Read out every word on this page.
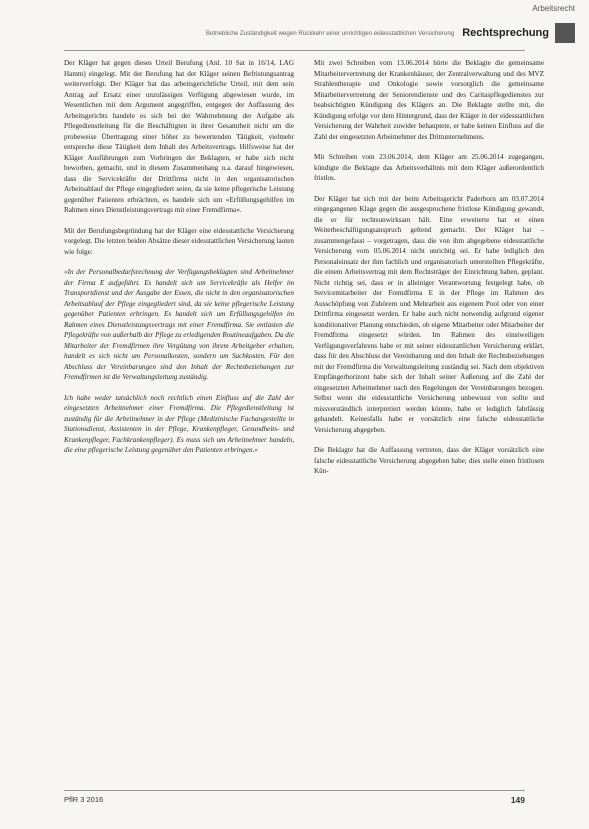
Arbeitsrecht
Betriebliche Zuständigkeit wegen Rückkehr einer unrichtigen eidesstattlichen Versicherung Rechtsprechung

Der Kläger hat gegen dieses Urteil Berufung (Anl. 10 Sat in 16/14, LAG Hamm) eingelegt. Mit der Berufung hat der Kläger seinen Befristungsantrag weiterverfolgt. Der Kläger hat das arbeitsgerichtliche Urteil, mit dem sein Antrag auf Ersatz einer unzulässigen Verfügung abgewiesen wurde, im Wesentlichen mit dem Argument angegriffen, entgegen der Auffassung des Arbeitsgerichts handele es sich bei der Wahrnehmung der Aufgabe als Pflegedienstleitung für die Beschäftigten in ihrer Gesamtheit nicht um die probeweise Übertragung einer höher zu bewertenden Tätigkeit, vielmehr entspreche diese Tätigkeit dem Inhalt des Arbeitsvertrags. Hilfsweise hat der Kläger Ausführungen zum Vorbringen der Beklagten, er habe sich nicht beworben, gemacht, und in diesem Zusammenhang u.a. darauf hingewiesen, dass die Servicekräfte der Drittfirma nicht in den organisatorischen Arbeitsablauf der Pflege eingegliedert seien, da sie keine pflegerische Leistung gegenüber Patienten erbrächten, es handele sich um »Erfüllungsgehilfen im Rahmen eines Dienstleistungsvertrags mit einer Fremdfirma«.

Mit der Berufungsbegründung hat der Kläger eine eidesstattliche Versicherung vorgelegt. Die letzten beiden Absätze dieser eidesstattlichen Versicherung lauten wie folge:

»In der Personalbedarfsrechnung der Verfügungsbeklagten sind Arbeitnehmer der Firma E aufgeführt. Es handelt sich um Servicekräfte als Helfer im Transportdienst und der Ausgabe der Essen, die nicht in den organisatorischen Arbeitsablauf der Pflege eingegliedert sind, da sie keine pflegerische Leistung gegenüber Patienten erbringen. Es handelt sich um Erfüllungsgehilfen im Rahmen eines Dienstleistungsvertrags mit einer Fremdfirma. Sie entlasten die Pflegekräfte von außerhalb der Pflege zu erledigenden Routineaufgaben. Da die Mitarbeiter der Fremdfirmen ihre Vergütung von ihrem Arbeitgeber erhalten, handelt es sich nicht um Personalkosten, sondern um Sachkosten. Für den Abschluss der Vereinbarungen sind den Inhalt der Rechtsbeziehungen zur Fremdfirmen ist die Verwaltungsleitung zuständig.

Ich habe weder tatsächlich noch rechtlich einen Einfluss auf die Zahl der eingesetzten Arbeitnehmer einer Fremdfirma. Die Pflegedienstleitung ist zuständig für die Arbeitnehmer in der Pflege (Medizinische Fachangestellte in Stationsdienst, Assistenten in der Pflege, Krankenpfleger, Gesundheits- und Krankenpfleger, Fachkrankenpfleger). Es muss sich um Arbeitnehmer handeln, die eine pflegerische Leistung gegenüber den Patienten erbringen.«

Mit zwei Schreiben vom 13.06.2014 hörte die Beklagte die gemeinsame Mitarbeitervertretung der Krankenhäuser, der Zentralverwaltung und des MVZ Strahlentherapie und Onkologie sowie vorsorglich die gemeinsame Mitarbeitervertretung der Seniorendienste und des Caritaspflegedienstes zur beabsichtigten Kündigung des Klägers an. Die Beklagte stellte mit, die Kündigung erfolge vor dem Hintergrund, dass der Kläger in der eidesstattlichen Versicherung der Wahrheit zuwider behauptete, er habe keinen Einfluss auf die Zahl der eingesetzten Arbeitnehmer des Drittunternehmens.

Mit Schreiben vom 23.06.2014, dem Kläger am 25.06.2014 zugegangen, kündigte die Beklagte das Arbeitsverhältnis mit dem Kläger außerordentlich fristlos.

Der Kläger hat sich mit der beim Arbeitsgericht Paderborn am 03.07.2014 eingegangenen Klage gegen die ausgesprochene fristlose Kündigung gewandt, die er für rechtsunwirksam hält. Eine erweiterte hat er einen Weiterbeschäftigungsanspruch geltend gemacht. Der Kläger hat – zusammengefasst – vorgetragen, dass die von ihm abgegebene eidesstattliche Versicherung vom 05.06.2014 nicht unrichtig sei. Er habe lediglich den Personaleinsatz der ihm fachlich und organisatorisch unterstellten Pflegekräfte, die einem Arbeitsvertrag mit dem Rechtsträger der Einrichtung haben, geplant. Nicht richtig sei, dass er in alleiniger Verantwortung festgelegt habe, ob Servicemitarbeiter der Fremdfirma E in der Pflege im Rahmen des Ausschöpfung von Zuhörern und Mehrarbeit aus eigenem Pool oder von einer Drittfirma eingesetzt werden. Er habe auch nicht notwendig aufgrund eigener konditionativer Planung entschieden, ob eigene Mitarbeiter oder Mitarbeiter der Fremdfirma eingesetzt würden. Im Rahmen des einstweiligen Verfügungsverfahrens habe er mit seiner eidesstattlichen Versicherung erklärt, dass für den Abschluss der Vereinbarung und den Inhalt der Rechtsbeziehungen mit der Fremdfirma die Verwaltungsleitung zuständig sei. Nach dem objektiven Empfängerhorizont habe sich der Inhalt seiner Äußerung auf die Zahl der eingesetzten Arbeitnehmer nach den Regelungen der Vereinbarungen bezogen. Selbst wenn die eidesstattliche Versicherung unbewusst von sollte und missverständlich interpretiert werden könnte, habe er lediglich fahrlässig gehandelt. Keinesfalls habe er vorsätzlich eine falsche eidesstattliche Versicherung abgegeben.

Die Beklagte hat die Auffassung vertreten, dass der Kläger vorsätzlich eine falsche eidesstattliche Versicherung abgegeben habe; dies stelle einen fristlosen Kün-

PflR 3 2016	149
